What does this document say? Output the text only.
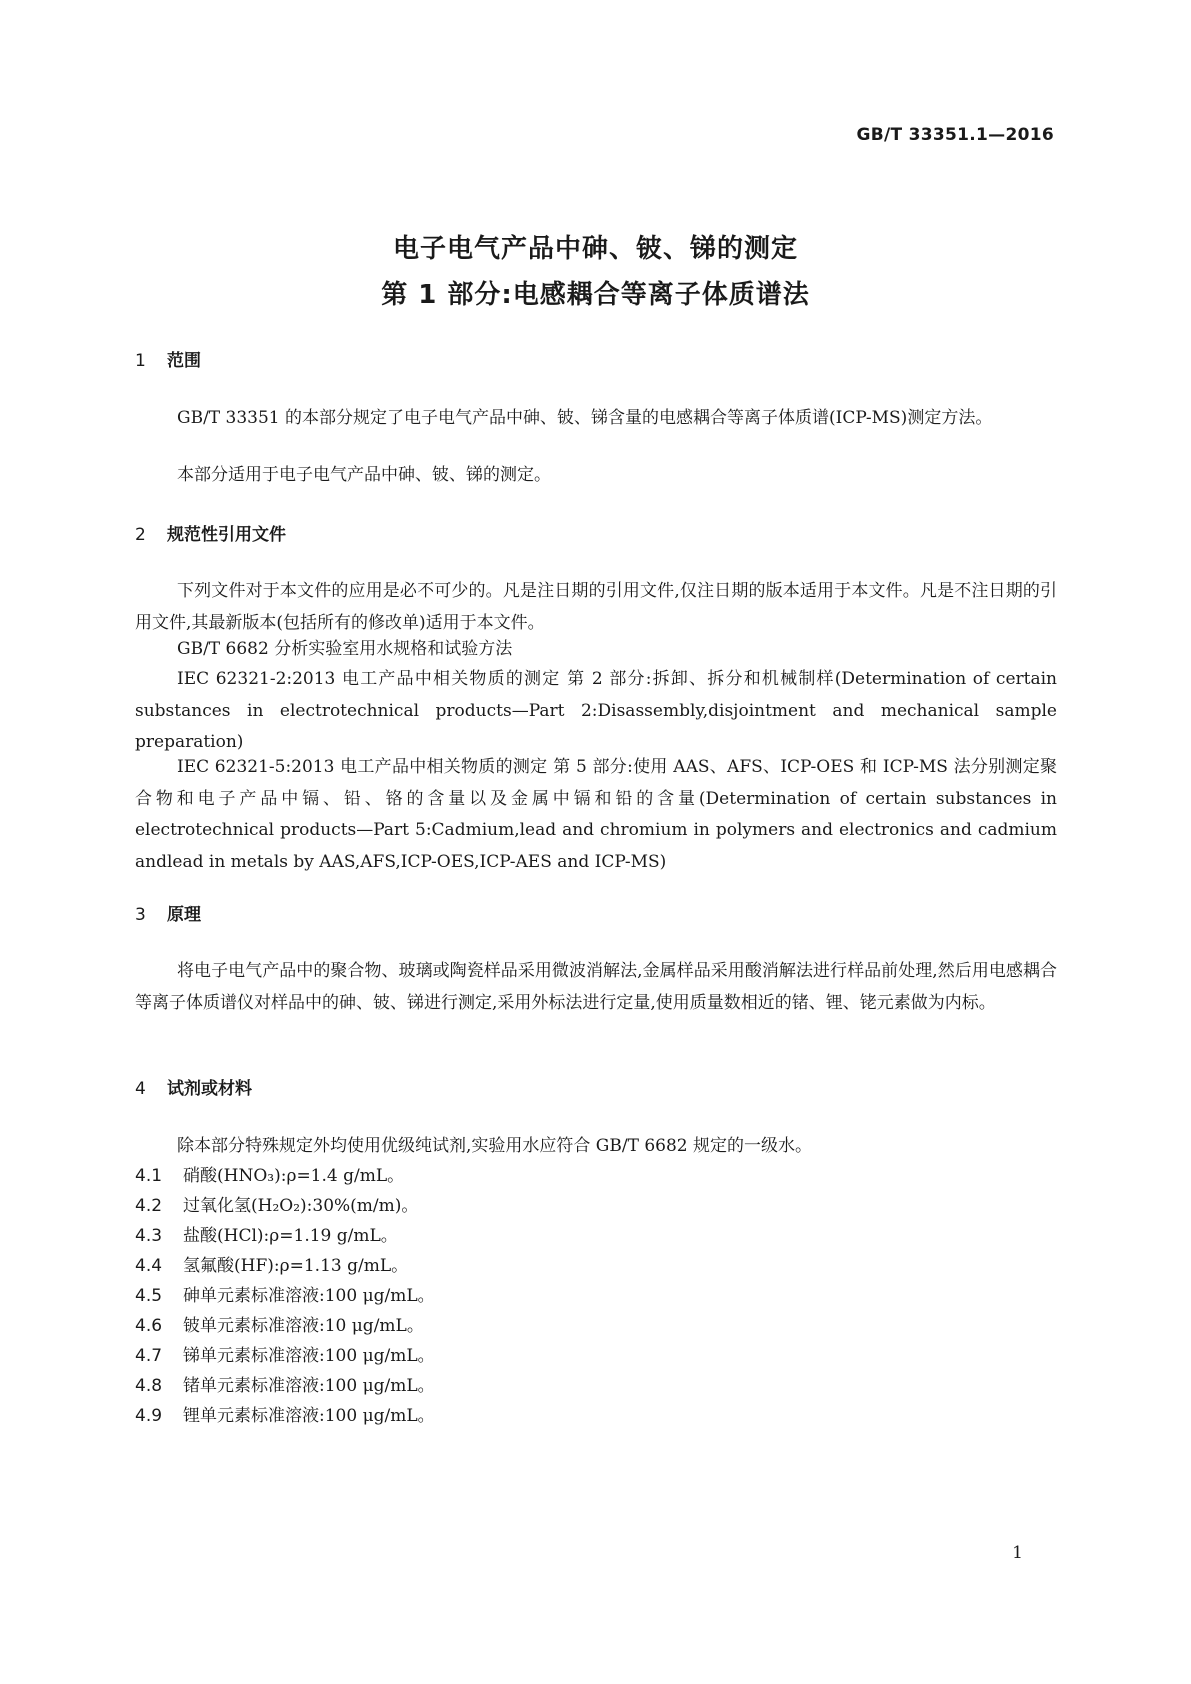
GB/T 33351.1—2016
电子电气产品中砷、铍、锑的测定
第 1 部分:电感耦合等离子体质谱法
1 范围

GB/T 33351 的本部分规定了电子电气产品中砷、铍、锑含量的电感耦合等离子体质谱(ICP-MS)测定方法。

本部分适用于电子电气产品中砷、铍、锑的测定。

2 规范性引用文件

下列文件对于本文件的应用是必不可少的。凡是注日期的引用文件,仅注日期的版本适用于本文件。凡是不注日期的引用文件,其最新版本(包括所有的修改单)适用于本文件。

GB/T 6682 分析实验室用水规格和试验方法

IEC 62321-2:2013 电工产品中相关物质的测定 第 2 部分:拆卸、拆分和机械制样(Determination of certain substances in electrotechnical products—Part 2:Disassembly,disjointment and mechanical sample preparation)

IEC 62321-5:2013 电工产品中相关物质的测定 第 5 部分:使用 AAS、AFS、ICP-OES 和 ICP-MS 法分别测定聚合物和电子产品中镉、铅、铬的含量以及金属中镉和铅的含量(Determination of certain substances in electrotechnical products—Part 5:Cadmium,lead and chromium in polymers and electronics and cadmium andlead in metals by AAS,AFS,ICP-OES,ICP-AES and ICP-MS)

3 原理

将电子电气产品中的聚合物、玻璃或陶瓷样品采用微波消解法,金属样品采用酸消解法进行样品前处理,然后用电感耦合等离子体质谱仪对样品中的砷、铍、锑进行测定,采用外标法进行定量,使用质量数相近的锗、锂、铑元素做为内标。

4 试剂或材料

除本部分特殊规定外均使用优级纯试剂,实验用水应符合 GB/T 6682 规定的一级水。

4.1 硝酸(HNO₃):ρ=1.4 g/mL。
4.2 过氧化氢(H₂O₂):30%(m/m)。
4.3 盐酸(HCl):ρ=1.19 g/mL。
4.4 氢氟酸(HF):ρ=1.13 g/mL。
4.5 砷单元素标准溶液:100 μg/mL。
4.6 铍单元素标准溶液:10 μg/mL。
4.7 锑单元素标准溶液:100 μg/mL。
4.8 锗单元素标准溶液:100 μg/mL。
4.9 锂单元素标准溶液:100 μg/mL。
1
